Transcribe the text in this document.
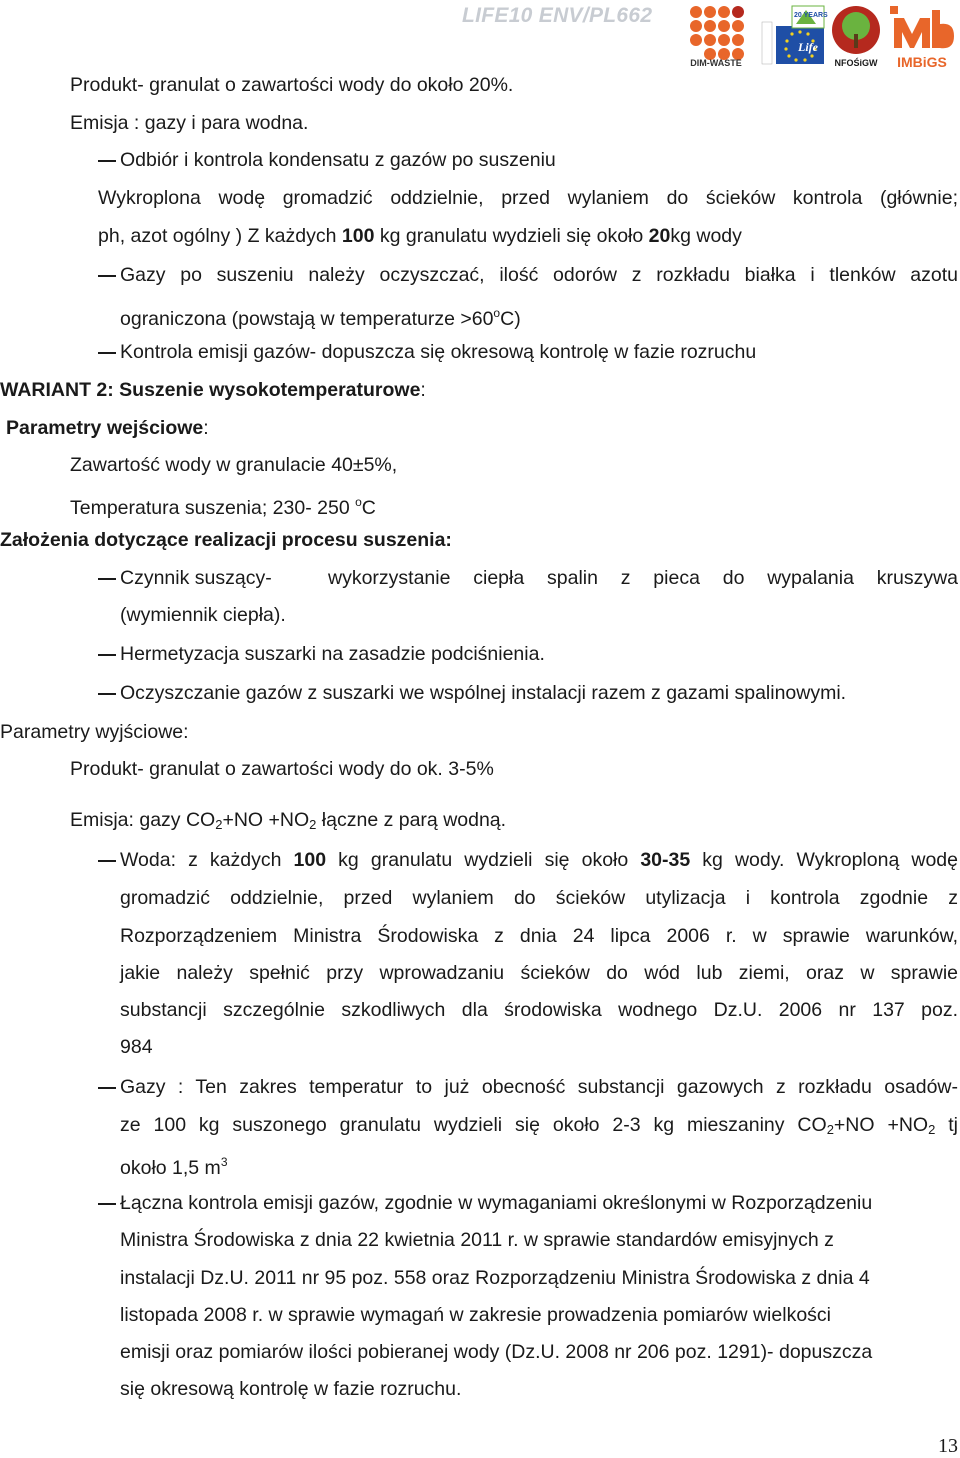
LIFE10 ENV/PL662
DIM-WASTE
20 YEARS
Life
NFOŚiGW	IMBiGS
Produkt- granulat o zawartości wody do około 20%.
Emisja : gazy i para wodna.
Odbiór i kontrola kondensatu z gazów po suszeniu
Wykroplona wodę gromadzić oddzielnie, przed wylaniem do ścieków kontrola (głównie;
ph, azot ogólny ) Z każdych 100 kg granulatu wydzieli się około 20kg wody
Gazy po suszeniu należy oczyszczać, ilość odorów z rozkładu białka i tlenków azotu
ograniczona (powstają w temperaturze $>60^oC$)
Kontrola emisji gazów- dopuszcza się okresową kontrolę w fazie rozruchu
WARIANT 2: Suszenie wysokotemperaturowe:
Parametry wejściowe:
Zawartość wody w granulacie 40±5%,
Temperatura suszenia; 230- 250 $^o$C
Założenia dotyczące realizacji procesu suszenia:
Czynnik suszący-	wykorzystanie ciepła spalin z pieca do wypalania kruszywa
(wymiennik ciepła).
Hermetyzacja suszarki na zasadzie podciśnienia.
Oczyszczanie gazów z suszarki we wspólnej instalacji razem z gazami spalinowymi.
Parametry wyjściowe:
Produkt- granulat o zawartości wody do ok. 3-5%
Emisja: gazy $CO_2+NO +NO_2$ łączne z parą wodną.
Woda: z każdych 100 kg granulatu wydzieli się około 30-35 kg wody. Wykroploną wodę
gromadzić oddzielnie, przed wylaniem do ścieków utylizacja i kontrola zgodnie z
Rozporządzeniem Ministra Środowiska z dnia 24 lipca 2006 r. w sprawie warunków,
jakie należy spełnić przy wprowadzaniu ścieków do wód lub ziemi, oraz w sprawie
substancji szczególnie szkodliwych dla środowiska wodnego Dz.U. 2006 nr 137 poz.
984
Gazy : Ten zakres temperatur to już obecność substancji gazowych z rozkładu osadów-
ze 100 kg suszonego granulatu wydzieli się około 2-3 kg mieszaniny $CO_2+NO +NO_2$ tj
około 1,5 $m^3$
Łączna kontrola emisji gazów, zgodnie w wymaganiami określonymi w Rozporządzeniu
Ministra Środowiska z dnia 22 kwietnia 2011 r. w sprawie standardów emisyjnych z
instalacji Dz.U. 2011 nr 95 poz. 558 oraz Rozporządzeniu Ministra Środowiska z dnia 4
listopada 2008 r. w sprawie wymagań w zakresie prowadzenia pomiarów wielkości
emisji oraz pomiarów ilości pobieranej wody (Dz.U. 2008 nr 206 poz. 1291)- dopuszcza
się okresową kontrolę w fazie rozruchu.
13
